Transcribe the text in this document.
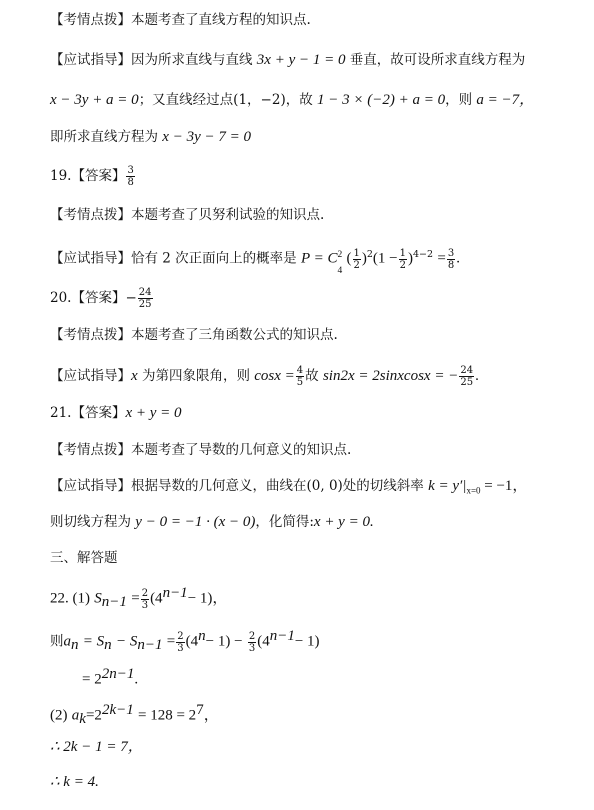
【考情点拨】本题考查了直线方程的知识点.
【应试指导】因为所求直线与直线 3x + y − 1 = 0 垂直，故可设所求直线方程为
x − 3y + a = 0；又直线经过点(1，−2)，故 1 − 3 × (−2) + a = 0，则 a = −7，
即所求直线方程为 x − 3y − 7 = 0
19.【答案】 $\frac{3}{8}$
【考情点拨】本题考查了贝努利试验的知识点.
【应试指导】恰有 2 次正面向上的概率是 P = C
4
2 ( $\frac{1}{2} )^2(1 - \frac{1}{2} )^{4-2} = \frac{3}{8}$ .
20.【答案】− $\frac{24}{25}$
【考情点拨】本题考查了三角函数公式的知识点.
【应试指导】x 为第四象限角，则 $\cos x = \frac{4}{5}$ 故 sin2x = 2sinxcosx = − $\frac{24}{25}$ .
21.【答案】x + y = 0
【考情点拨】本题考查了导数的几何意义的知识点.
【应试指导】根据导数的几何意义，曲线在(0, 0)处的切线斜率 $k = y'|_{x=0} = -1$，
则切线方程为 y − 0 = −1 · (x − 0)，化简得:x + y = 0.
三、解答题
22. (1) $S_{n-1} = \frac{2}{3} (4^{n-1}- 1)$，
则$a_n = S_n - S_{n-1} = \frac{2}{3} (4^n- 1) - \frac{2}{3} (4^{n-1}- 1)$
= $2^{2n-1}$.
(2) $a_k=2^{2k-1} = 128 = 2^7$，
∴ 2k − 1 = 7，
∴ k = 4.
